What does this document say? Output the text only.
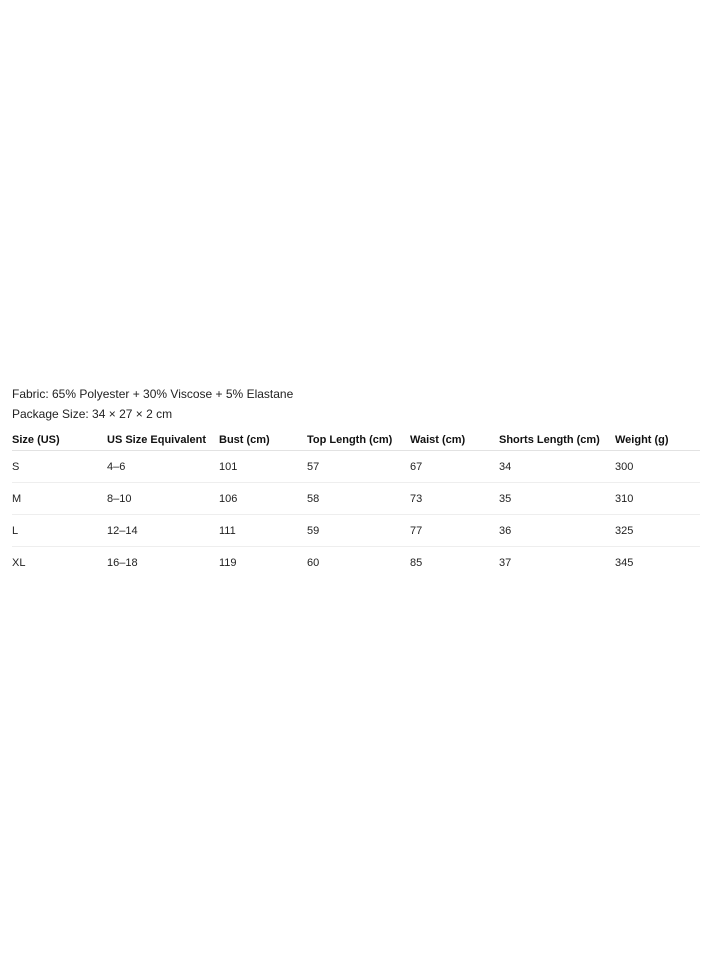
Fabric: 65% Polyester + 30% Viscose + 5% Elastane
Package Size: 34 × 27 × 2 cm
Size (US)	US Size Equivalent	Bust (cm)	Top Length (cm)	Waist (cm)	Shorts Length (cm)	Weight (g)
S	4–6	101	57	67	34	300
M	8–10	106	58	73	35	310
L	12–14	111	59	77	36	325
XL	16–18	119	60	85	37	345
